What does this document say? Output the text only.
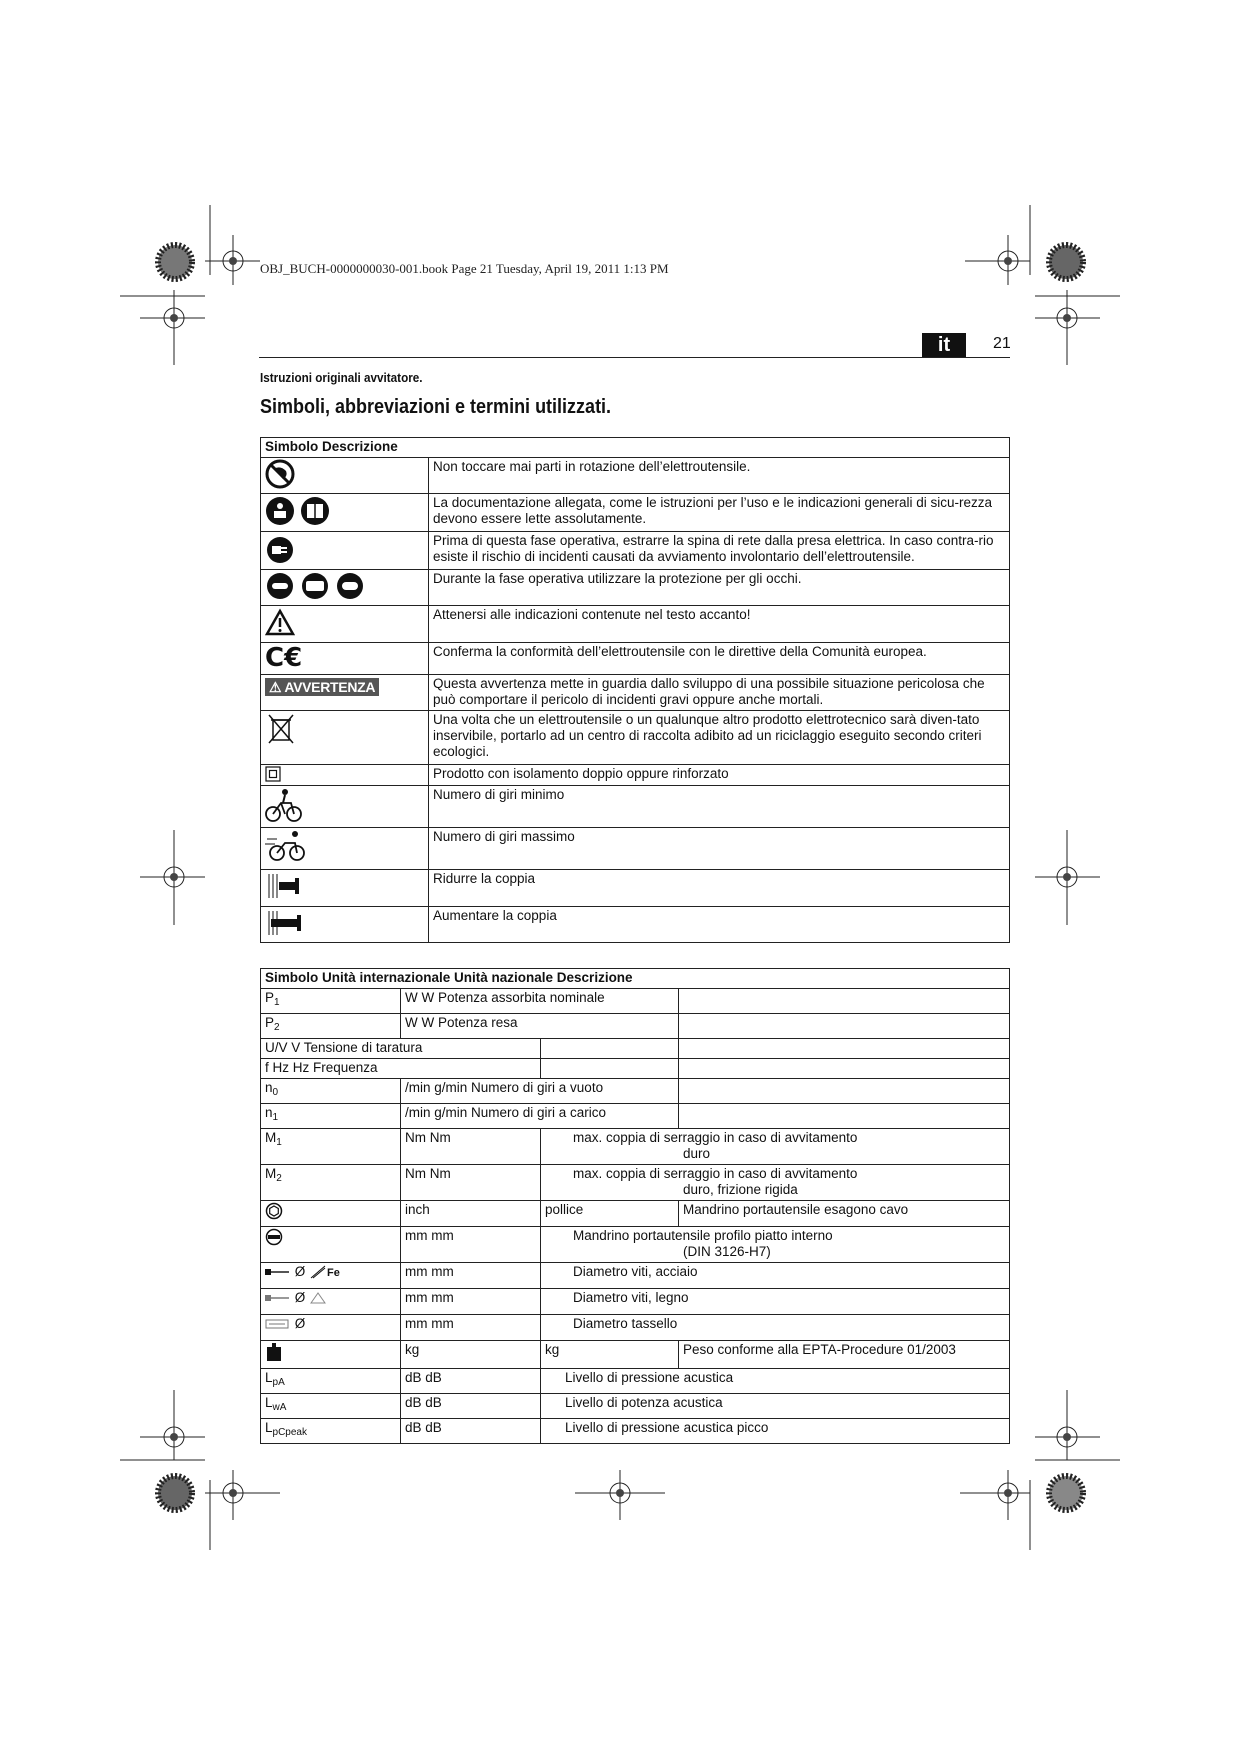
OBJ_BUCH-0000000030-001.book Page 21 Tuesday, April 19, 2011 1:13 PM
it	21
Istruzioni originali avvitatore.
Simboli, abbreviazioni e termini utilizzati.
Simbolo Descrizione	

	Non toccare mai parti in rotazione dell’elettroutensile.

	La documentazione allegata, come le istruzioni per l’uso e le indicazioni generali di sicu-rezza devono essere lette assolutamente.

	Prima di questa fase operativa, estrarre la spina di rete dalla presa elettrica. In caso contra-rio esiste il rischio di incidenti causati da avviamento involontario dell’elettroutensile.

	Durante la fase operativa utilizzare la protezione per gli occhi.

	Attenersi alle indicazioni contenute nel testo accanto!
C€	Conferma la conformità dell’elettroutensile con le direttive della Comunità europea.
⚠ AVVERTENZA	Questa avvertenza mette in guardia dallo sviluppo di una possibile situazione pericolosa che può comportare il pericolo di incidenti gravi oppure anche mortali.

	Una volta che un elettroutensile o un qualunque altro prodotto elettrotecnico sarà diven-tato inservibile, portarlo ad un centro di raccolta adibito ad un riciclaggio eseguito secondo criteri ecologici.

	Prodotto con isolamento doppio oppure rinforzato

	Numero di giri minimo

	Numero di giri massimo

	Ridurre la coppia

	Aumentare la coppia
Simbolo Unità internazionale Unità nazionale Descrizione			
$P_1$	W W Potenza assorbita nominale		
$P_2$	W W Potenza resa		
U/V V Tensione di taratura			
f Hz Hz Frequenza			
$n_0$	/min g/min Numero di giri a vuoto		
$n_1$	/min g/min Numero di giri a carico		
$M_1$	Nm Nm	max. coppia di serraggio in caso di avvitamento
duro	

$M_2$	Nm Nm	max. coppia di serraggio in caso di avvitamento
duro, frizione rigida	

	inch	pollice	Mandrino portautensile esagono cavo
	mm mm	Mandrino portautensile profilo piatto interno
(DIN 3126-H7)	

Ø Fe	mm mm	Diametro viti, acciaio	

Ø	mm mm	Diametro viti, legno	

Ø	mm mm	Diametro tassello	

	kg	kg	Peso conforme alla EPTA-Procedure 01/2003
$L_{pA}$	dB dB	Livello di pressione acustica	

$L_{wA}$	dB dB	Livello di potenza acustica	

$L_{pCpeak}$	dB dB	Livello di pressione acustica picco	
